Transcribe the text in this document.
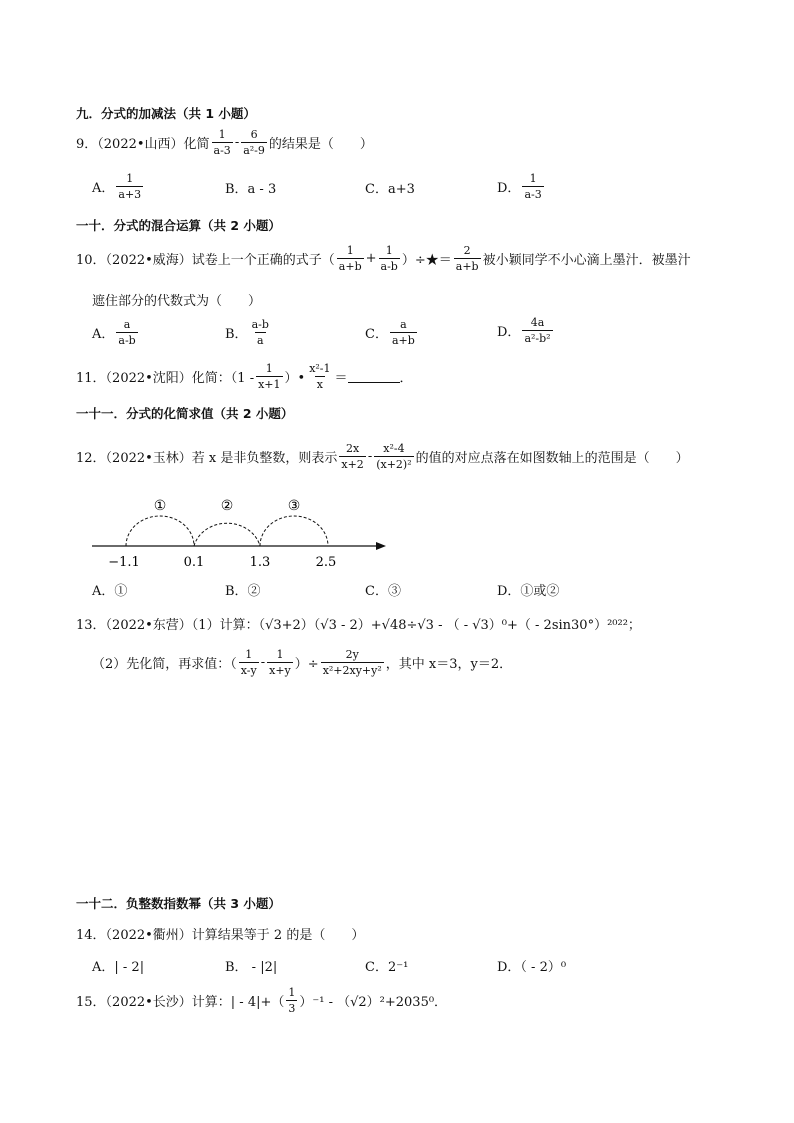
九．分式的加减法（共 1 小题）
9．（2022•山西）化简 $\frac{1}{a-3} - \frac{6}{\text{a²-9}}$ 的结果是（　　）
A． $\frac{1}{a+3}$	B．a - 3	C．a+3	D． $\frac{1}{a-3}$
一十．分式的混合运算（共 2 小题）
10．（2022•威海）试卷上一个正确的式子（ $\frac{1}{a+b} + \frac{1}{a-b}$ ）÷★＝ $\frac{2}{a+b}$ 被小颖同学不小心滴上墨汁．被墨汁
遮住部分的代数式为（　　）
A． $\frac{a}{a-b}$	B． $\frac{a-b}{a}$	C． $\frac{a}{a+b}$	D． $\frac{4a}{\text{a²-b²}}$
11．（2022•沈阳）化简：（$1 - \frac{1}{x+1}$ ）• $\frac{\text{x²-1}}{x}$ ＝	．
一十一．分式的化简求值（共 2 小题）
12．（2022•玉林）若 x 是非负整数，则表示 $\frac{2x}{x+2} - \frac{\text{x²-4}}{\text{(x+2)²}}$ 的值的对应点落在如图数轴上的范围是（　　）
①	②	③
−1.1	0.1	1.3	2.5
A．①	B．②	C．③	D．①或②
13．（2022•东营）（1）计算：（√3+2）（√3 - 2）+√48÷√3 - （ - √3）⁰+（ - 2sin30°）²⁰²²；
（2）先化简，再求值：（ $\frac{1}{x-y} - \frac{1}{x+y}$ ）÷ $\frac{2y}{\text{x²+2xy+y²}}$ ，其中 x＝3，y＝2．
一十二．负整数指数幂（共 3 小题）
14．（2022•衢州）计算结果等于 2 的是（　　）
A．| - 2|	B． - |2|	C．2⁻¹	D．（ - 2）⁰
15．（2022•长沙）计算：| - $4|+( \frac{1}{3} )^{-1} - (√2)^2+2035^0$．
